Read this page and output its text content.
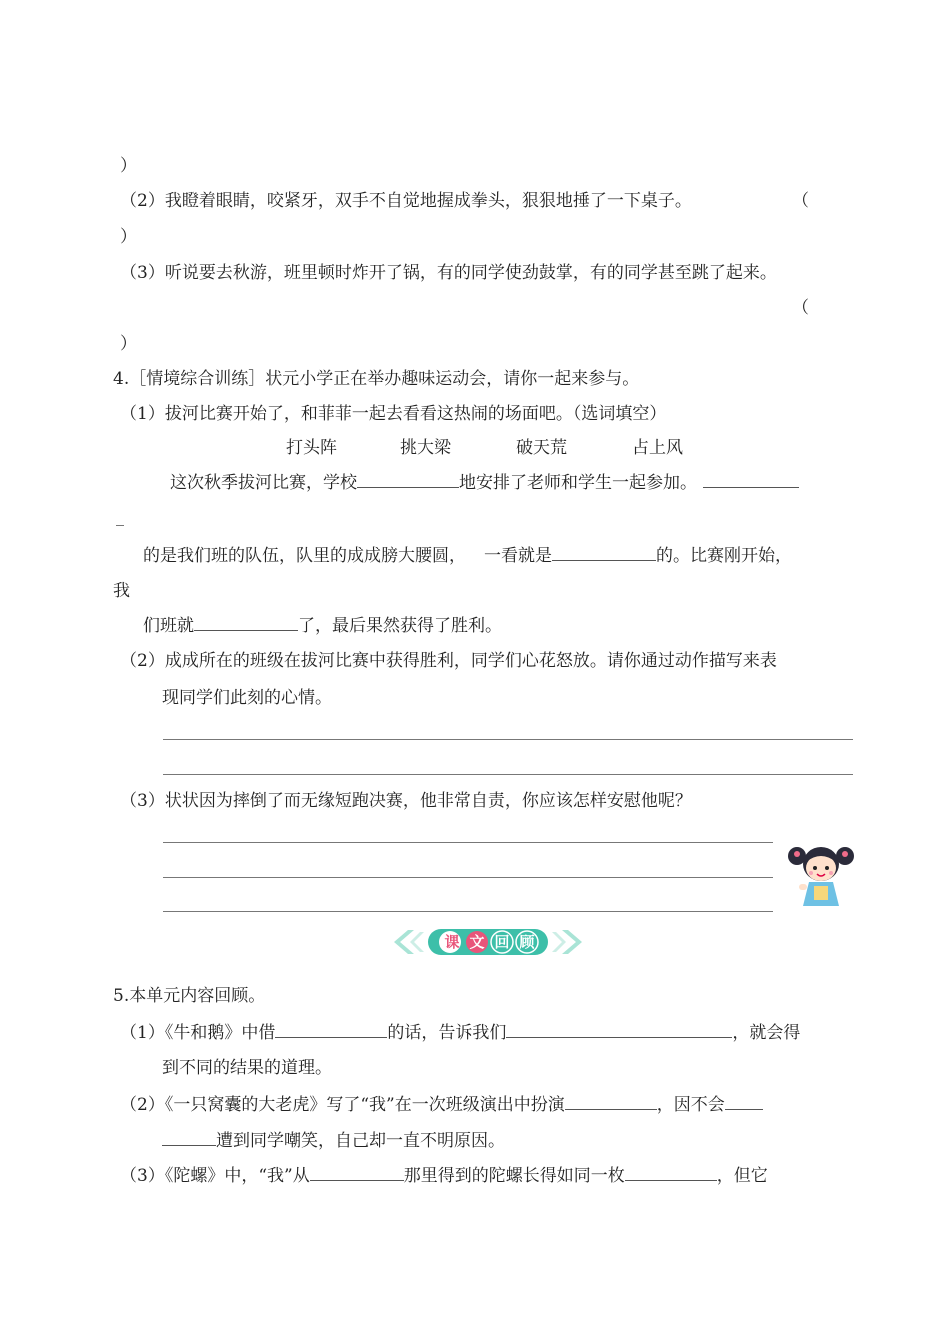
）
（2）我瞪着眼睛，咬紧牙，双手不自觉地握成拳头，狠狠地捶了一下桌子。	（
）
（3）听说要去秋游，班里顿时炸开了锅，有的同学使劲鼓掌，有的同学甚至跳了起来。
（
）
4.［情境综合训练］状元小学正在举办趣味运动会，请你一起来参与。
（1）拔河比赛开始了，和菲菲一起去看看这热闹的场面吧。（选词填空）
打头阵	挑大梁	破天荒	占上风
这次秋季拔河比赛，学校	地安排了老师和学生一起参加。
的是我们班的队伍，队里的成成膀大腰圆， 一看就是	的。比赛刚开始，
我
们班就	了，最后果然获得了胜利。
（2）成成所在的班级在拔河比赛中获得胜利，同学们心花怒放。请你通过动作描写来表
现同学们此刻的心情。
（3）状状因为摔倒了而无缘短跑决赛，他非常自责，你应该怎样安慰他呢？
课 文 回 顾
5.本单元内容回顾。
（1）《牛和鹅》中借	的话，告诉我们	，就会得
到不同的结果的道理。
（2）《一只窝囊的大老虎》写了“我”在一次班级演出中扮演	，因不会
遭到同学嘲笑，自己却一直不明原因。
（3）《陀螺》中，“我”从	那里得到的陀螺长得如同一枚	，但它
